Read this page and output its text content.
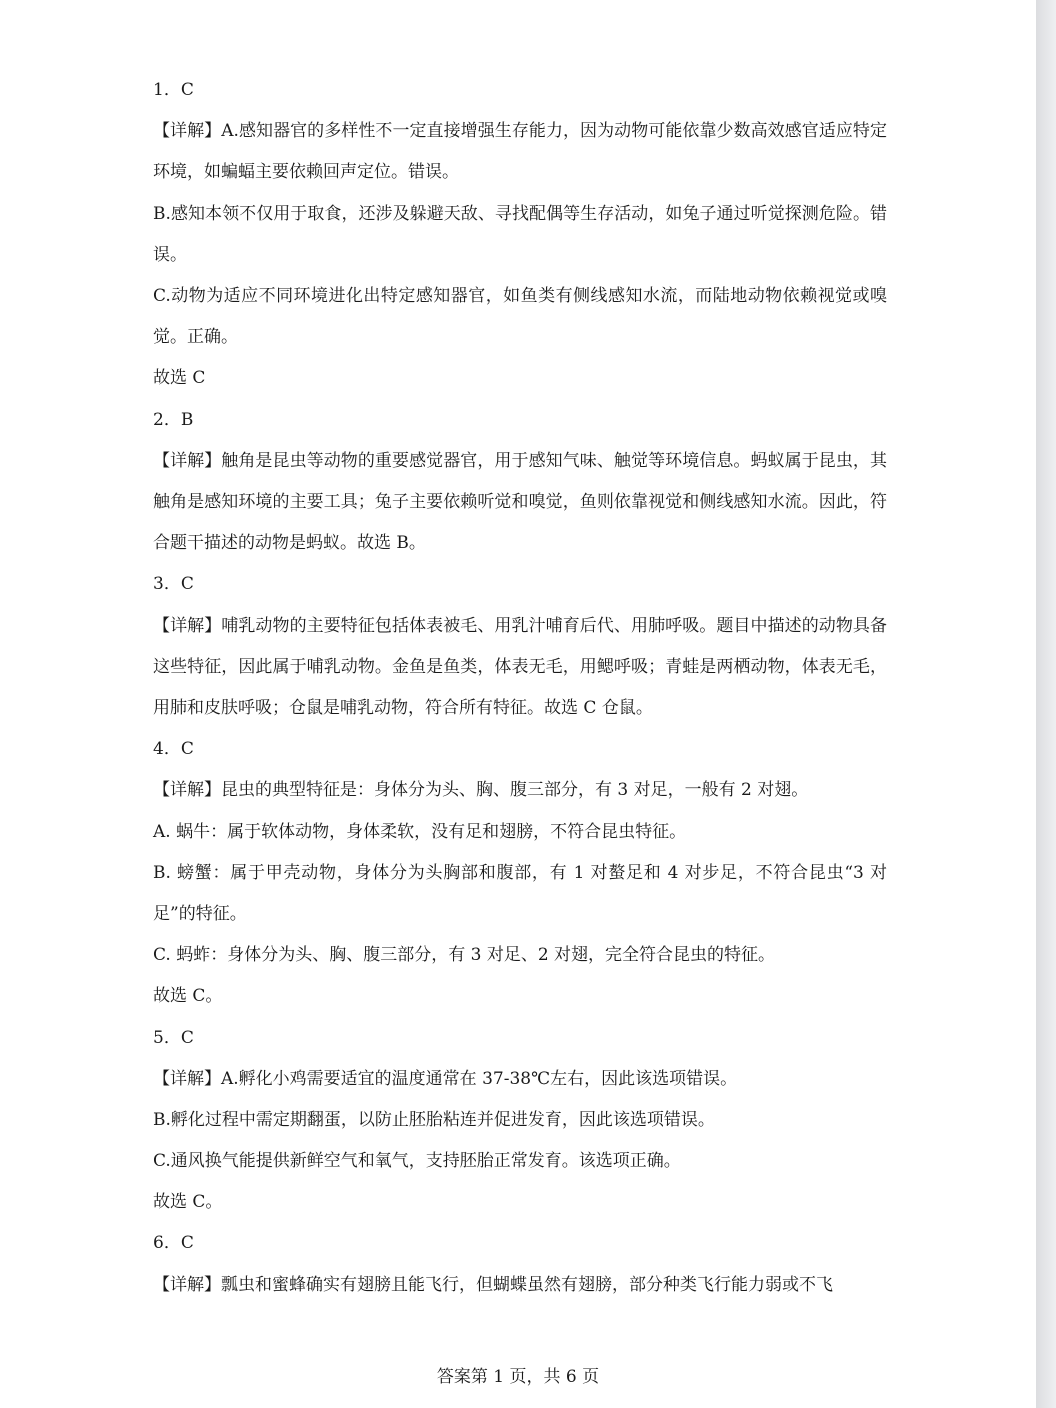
1．C
【详解】A.感知器官的多样性不一定直接增强生存能力，因为动物可能依靠少数高效感官适应特定环境，如蝙蝠主要依赖回声定位。错误。
B.感知本领不仅用于取食，还涉及躲避天敌、寻找配偶等生存活动，如兔子通过听觉探测危险。错误。
C.动物为适应不同环境进化出特定感知器官，如鱼类有侧线感知水流，而陆地动物依赖视觉或嗅觉。正确。
故选 C
2．B
【详解】触角是昆虫等动物的重要感觉器官，用于感知气味、触觉等环境信息。蚂蚁属于昆虫，其触角是感知环境的主要工具；兔子主要依赖听觉和嗅觉，鱼则依靠视觉和侧线感知水流。因此，符合题干描述的动物是蚂蚁。故选 B。
3．C
【详解】哺乳动物的主要特征包括体表被毛、用乳汁哺育后代、用肺呼吸。题目中描述的动物具备这些特征，因此属于哺乳动物。金鱼是鱼类，体表无毛，用鳃呼吸；青蛙是两栖动物，体表无毛，用肺和皮肤呼吸；仓鼠是哺乳动物，符合所有特征。故选 C 仓鼠。
4．C
【详解】昆虫的典型特征是：身体分为头、胸、腹三部分，有 3 对足，一般有 2 对翅。
A. 蜗牛：属于软体动物，身体柔软，没有足和翅膀，不符合昆虫特征。
B. 螃蟹：属于甲壳动物，身体分为头胸部和腹部，有 1 对螯足和 4 对步足，不符合昆虫“3 对足”的特征。
C. 蚂蚱：身体分为头、胸、腹三部分，有 3 对足、2 对翅，完全符合昆虫的特征。
故选 C。
5．C
【详解】A.孵化小鸡需要适宜的温度通常在 37-38℃左右，因此该选项错误。
B.孵化过程中需定期翻蛋，以防止胚胎粘连并促进发育，因此该选项错误。
C.通风换气能提供新鲜空气和氧气，支持胚胎正常发育。该选项正确。
故选 C。
6．C
【详解】瓢虫和蜜蜂确实有翅膀且能飞行，但蝴蝶虽然有翅膀，部分种类飞行能力弱或不飞
答案第 1 页，共 6 页
